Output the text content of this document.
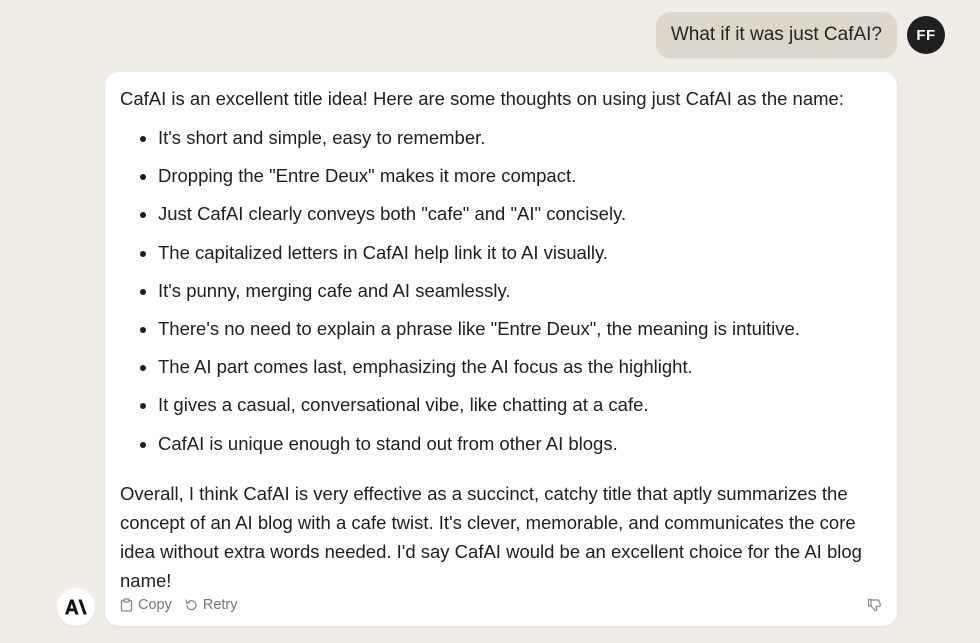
What if it was just CafAI? FF

CafAI is an excellent title idea! Here are some thoughts on using just CafAI as the name:

• It's short and simple, easy to remember.
• Dropping the "Entre Deux" makes it more compact.
• Just CafAI clearly conveys both "cafe" and "AI" concisely.
• The capitalized letters in CafAI help link it to AI visually.
• It's punny, merging cafe and AI seamlessly.
• There's no need to explain a phrase like "Entre Deux", the meaning is intuitive.
• The AI part comes last, emphasizing the AI focus as the highlight.
• It gives a casual, conversational vibe, like chatting at a cafe.
• CafAI is unique enough to stand out from other AI blogs.

Overall, I think CafAI is very effective as a succinct, catchy title that aptly summarizes the concept of an AI blog with a cafe twist. It's clever, memorable, and communicates the core idea without extra words needed. I'd say CafAI would be an excellent choice for the AI blog name!

Copy Retry
